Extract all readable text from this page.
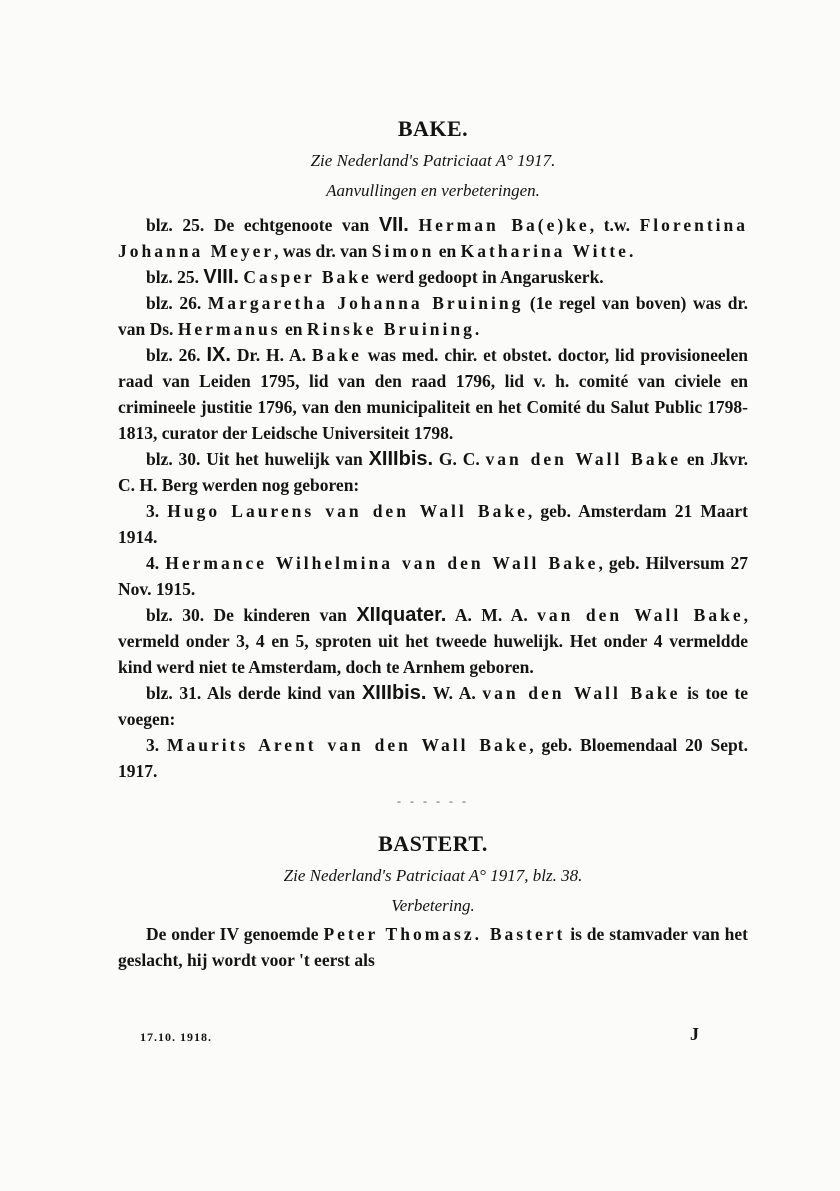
BAKE.

Zie Nederland's Patriciaat A° 1917.

Aanvullingen en verbeteringen.

blz. 25. De echtgenoote van VII. Herman Ba(e)ke, t.w. Florentina Johanna Meyer, was dr. van Simon en Katharina Witte.

blz. 25. VIII. Casper Bake werd gedoopt in Angaruskerk.

blz. 26. Margaretha Johanna Bruining (1e regel van boven) was dr. van Ds. Hermanus en Rinske Bruining.

blz. 26. IX. Dr. H. A. Bake was med. chir. et obstet. doctor, lid provisioneelen raad van Leiden 1795, lid van den raad 1796, lid v. h. comité van civiele en crimineele justitie 1796, van den municipaliteit en het Comité du Salut Public 1798-1813, curator der Leidsche Universiteit 1798.

blz. 30. Uit het huwelijk van XIIIbis. G. C. van den Wall Bake en Jkvr. C. H. Berg werden nog geboren:

3. Hugo Laurens van den Wall Bake, geb. Amsterdam 21 Maart 1914.

4. Hermance Wilhelmina van den Wall Bake, geb. Hilversum 27 Nov. 1915.

blz. 30. De kinderen van XIIquater. A. M. A. van den Wall Bake, vermeld onder 3, 4 en 5, sproten uit het tweede huwelijk. Het onder 4 vermeldde kind werd niet te Amsterdam, doch te Arnhem geboren.

blz. 31. Als derde kind van XIIIbis. W. A. van den Wall Bake is toe te voegen:

3. Maurits Arent van den Wall Bake, geb. Bloemendaal 20 Sept. 1917.

- - - - - -
BASTERT.

Zie Nederland's Patriciaat A° 1917, blz. 38.

Verbetering.

De onder IV genoemde Peter Thomasz. Bastert is de stamvader van het geslacht, hij wordt voor 't eerst als

17.10. 1918.	J
